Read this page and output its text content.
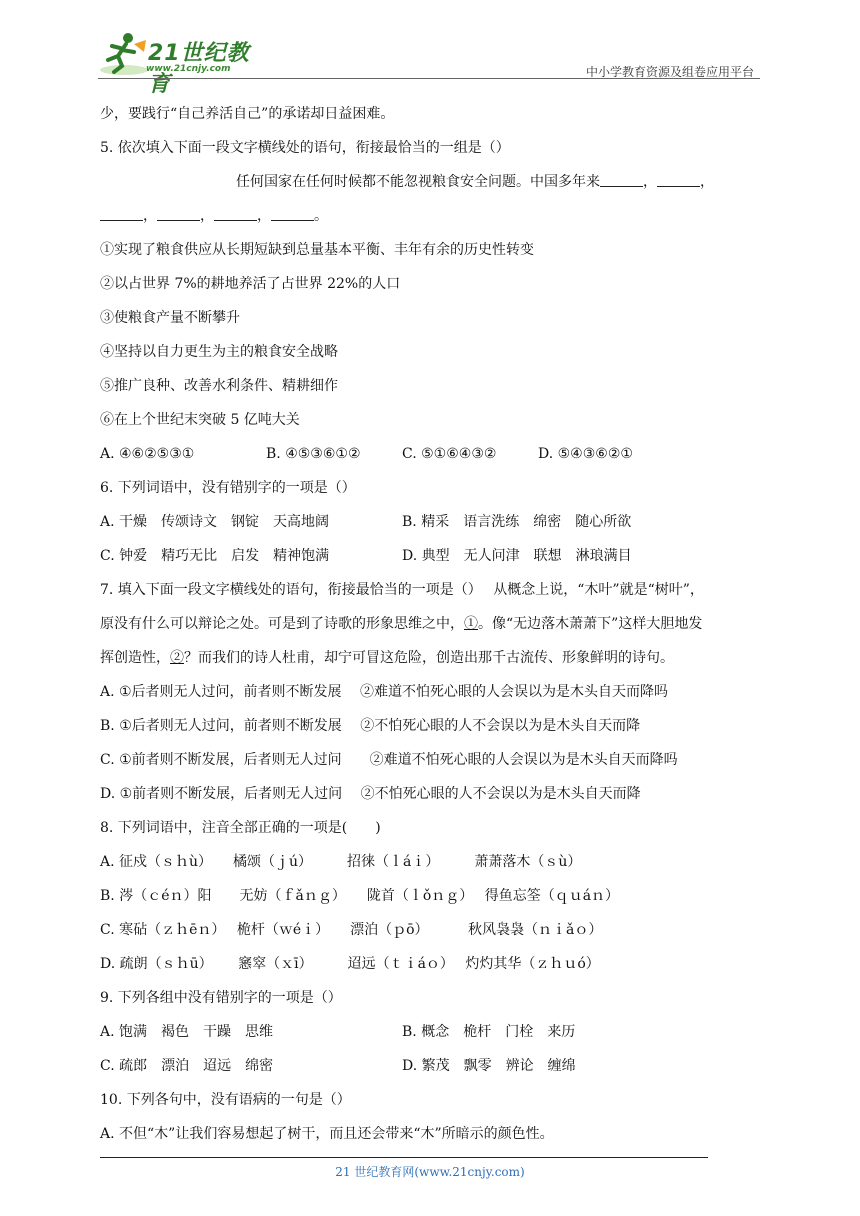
21世纪教育
www.21cnjy.com	中小学教育资源及组卷应用平台
少，要践行“自己养活自己”的承诺却日益困难。
5. 依次填入下面一段文字横线处的语句，衔接最恰当的一组是（）
任何国家在任何时候都不能忽视粮食安全问题。中国多年来	，	，
，	，	，	。
①实现了粮食供应从长期短缺到总量基本平衡、丰年有余的历史性转变
②以占世界 7%的耕地养活了占世界 22%的人口
③使粮食产量不断攀升
④坚持以自力更生为主的粮食安全战略
⑤推广良种、改善水利条件、精耕细作
⑥在上个世纪末突破 5 亿吨大关
A. ④⑥②⑤③①	B. ④⑤③⑥①②	C. ⑤①⑥④③②	D. ⑤④③⑥②①
6. 下列词语中，没有错别字的一项是（）
A. 干燥　传颂诗文　钢锭　天高地阔	B. 精采　语言洗练　绵密　随心所欲
C. 钟爱　精巧无比　启发　精神饱满	D. 典型　无人问津　联想　淋琅满目
7. 填入下面一段文字横线处的语句，衔接最恰当的一项是（）　 从概念上说，“木叶”就是“树叶”，
原没有什么可以辩论之处。可是到了诗歌的形象思维之中，①。像“无边落木萧萧下”这样大胆地发
挥创造性，②？而我们的诗人杜甫，却宁可冒这危险，创造出那千古流传、形象鲜明的诗句。
A. ①后者则无人过问，前者则不断发展　 ②难道不怕死心眼的人会误以为是木头自天而降吗
B. ①后者则无人过问，前者则不断发展　 ②不怕死心眼的人不会误以为是木头自天而降
C. ①前者则不断发展，后者则无人过问　　②难道不怕死心眼的人会误以为是木头自天而降吗
D. ①前者则不断发展，后者则无人过问　 ②不怕死心眼的人不会误以为是木头自天而降
8. 下列词语中，注音全部正确的一项是(　　)
A. 征戍（ｓｈù）　　橘颂（ｊú）　　　招徕（ｌáｉ）　　　萧萧落木（ｓù）
B. 涔（ｃéｎ）阳　　无妨（ｆǎｎｇ）　　陇首（ｌǒｎｇ）　 得鱼忘筌（ｑｕáｎ）
C. 寒砧（ｚｈēｎ）　 桅杆（ｗéｉ）　　漂泊（ｐō）　　　 秋风袅袅（ｎｉǎｏ）
D. 疏朗（ｓｈū）　　 窸窣（ｘī）　　　迢远（ｔｉáｏ）　 灼灼其华（ｚｈｕó）
9. 下列各组中没有错别字的一项是（）
A. 饱满　褐色　干躁　思维	B. 概念　桅杆　门栓　来历
C. 疏郎　漂泊　迢远　绵密	D. 繁茂　飘零　辨论　缠绵
10. 下列各句中，没有语病的一句是（）
A. 不但“木”让我们容易想起了树干，而且还会带来“木”所暗示的颜色性。
21 世纪教育网(www.21cnjy.com)
